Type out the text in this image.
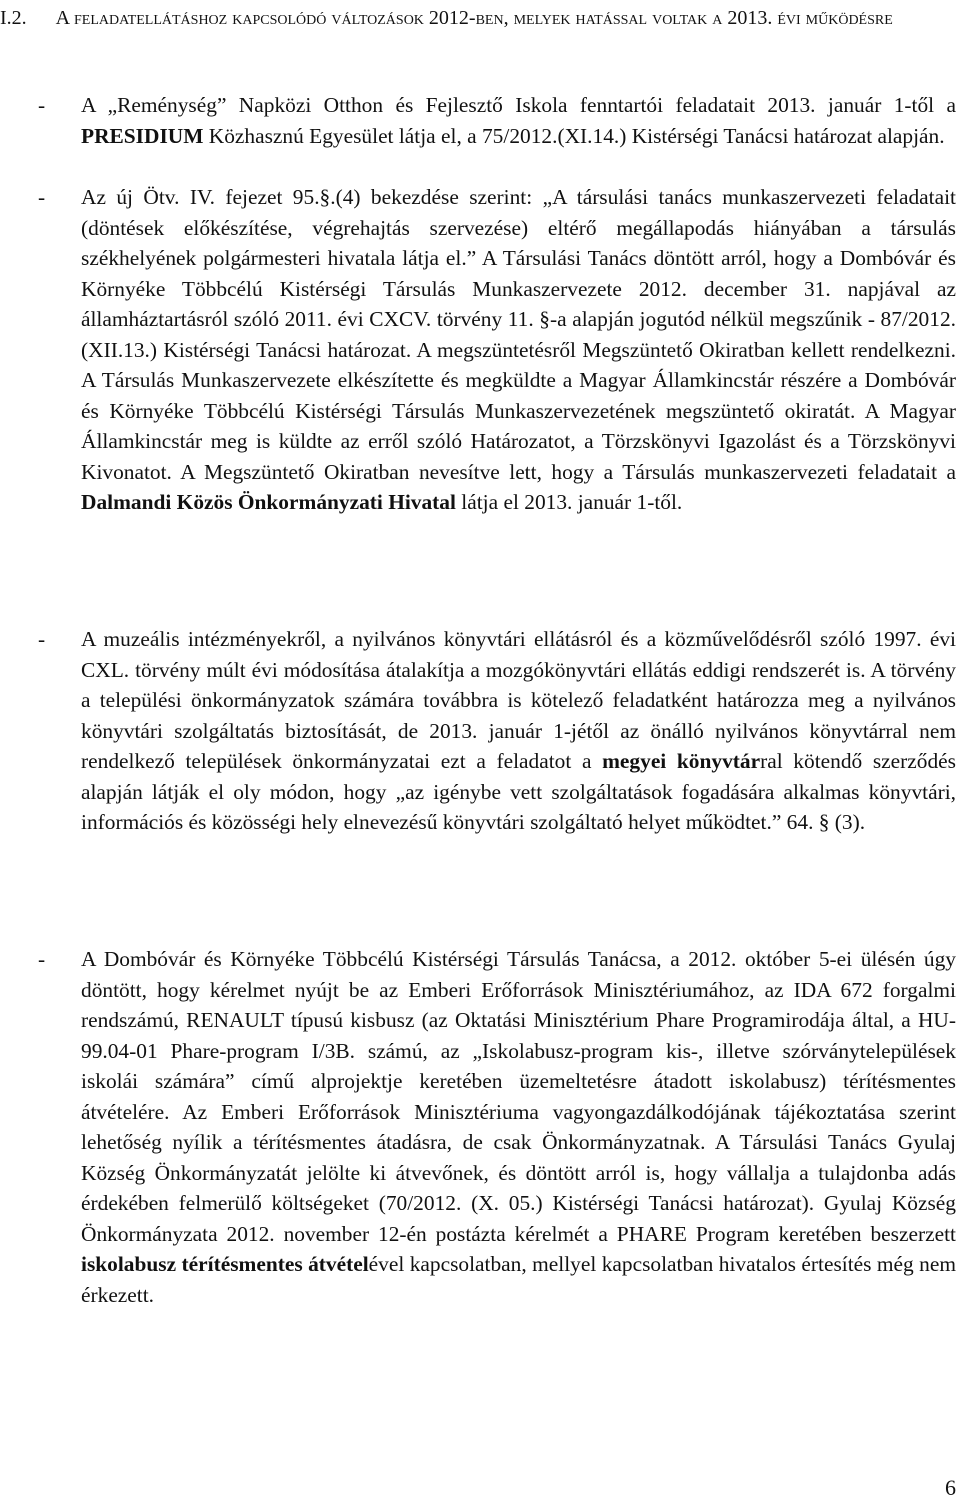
I.2. A feladatellátáshoz kapcsolódó változások 2012-ben, melyek hatással voltak a 2013. évi működésre
- A „Reménység” Napközi Otthon és Fejlesztő Iskola fenntartói feladatait 2013. január 1-től a PRESIDIUM Közhasznú Egyesület látja el, a 75/2012.(XI.14.) Kistérségi Tanácsi határozat alapján.
- Az új Ötv. IV. fejezet 95.§.(4) bekezdése szerint: „A társulási tanács munkaszervezeti feladatait (döntések előkészítése, végrehajtás szervezése) eltérő megállapodás hiányában a társulás székhelyének polgármesteri hivatala látja el.” A Társulási Tanács döntött arról, hogy a Dombóvár és Környéke Többcélú Kistérségi Társulás Munkaszervezete 2012. december 31. napjával az államháztartásról szóló 2011. évi CXCV. törvény 11. §-a alapján jogutód nélkül megszűnik - 87/2012.(XII.13.) Kistérségi Tanácsi határozat. A megszüntetésről Megszüntető Okiratban kellett rendelkezni. A Társulás Munkaszervezete elkészítette és megküldte a Magyar Államkincstár részére a Dombóvár és Környéke Többcélú Kistérségi Társulás Munkaszervezetének megszüntető okiratát. A Magyar Államkincstár meg is küldte az erről szóló Határozatot, a Törzskönyvi Igazolást és a Törzskönyvi Kivonatot. A Megszüntető Okiratban nevesítve lett, hogy a Társulás munkaszervezeti feladatait a Dalmandi Közös Önkormányzati Hivatal látja el 2013. január 1-től.
- A muzeális intézményekről, a nyilvános könyvtári ellátásról és a közművelődésről szóló 1997. évi CXL. törvény múlt évi módosítása átalakítja a mozgókönyvtári ellátás eddigi rendszerét is. A törvény a települési önkormányzatok számára továbbra is kötelező feladatként határozza meg a nyilvános könyvtári szolgáltatás biztosítását, de 2013. január 1-jétől az önálló nyilvános könyvtárral nem rendelkező települések önkormányzatai ezt a feladatot a megyei könyvtárral kötendő szerződés alapján látják el oly módon, hogy „az igénybe vett szolgáltatások fogadására alkalmas könyvtári, információs és közösségi hely elnevezésű könyvtári szolgáltató helyet működtet.” 64. § (3).
- A Dombóvár és Környéke Többcélú Kistérségi Társulás Tanácsa, a 2012. október 5-ei ülésén úgy döntött, hogy kérelmet nyújt be az Emberi Erőforrások Minisztériumához, az IDA 672 forgalmi rendszámú, RENAULT típusú kisbusz (az Oktatási Minisztérium Phare Programirodája által, a HU-99.04-01 Phare-program I/3B. számú, az „Iskolabusz-program kis-, illetve szórványtelepülések iskolái számára” című alprojektje keretében üzemeltetésre átadott iskolabusz) térítésmentes átvételére. Az Emberi Erőforrások Minisztériuma vagyongazdálkodójának tájékoztatása szerint lehetőség nyílik a térítésmentes átadásra, de csak Önkormányzatnak. A Társulási Tanács Gyulaj Község Önkormányzatát jelölte ki átvevőnek, és döntött arról is, hogy vállalja a tulajdonba adás érdekében felmerülő költségeket (70/2012. (X. 05.) Kistérségi Tanácsi határozat). Gyulaj Község Önkormányzata 2012. november 12-én postázta kérelmét a PHARE Program keretében beszerzett iskolabusz térítésmentes átvételével kapcsolatban, mellyel kapcsolatban hivatalos értesítés még nem érkezett.
6
